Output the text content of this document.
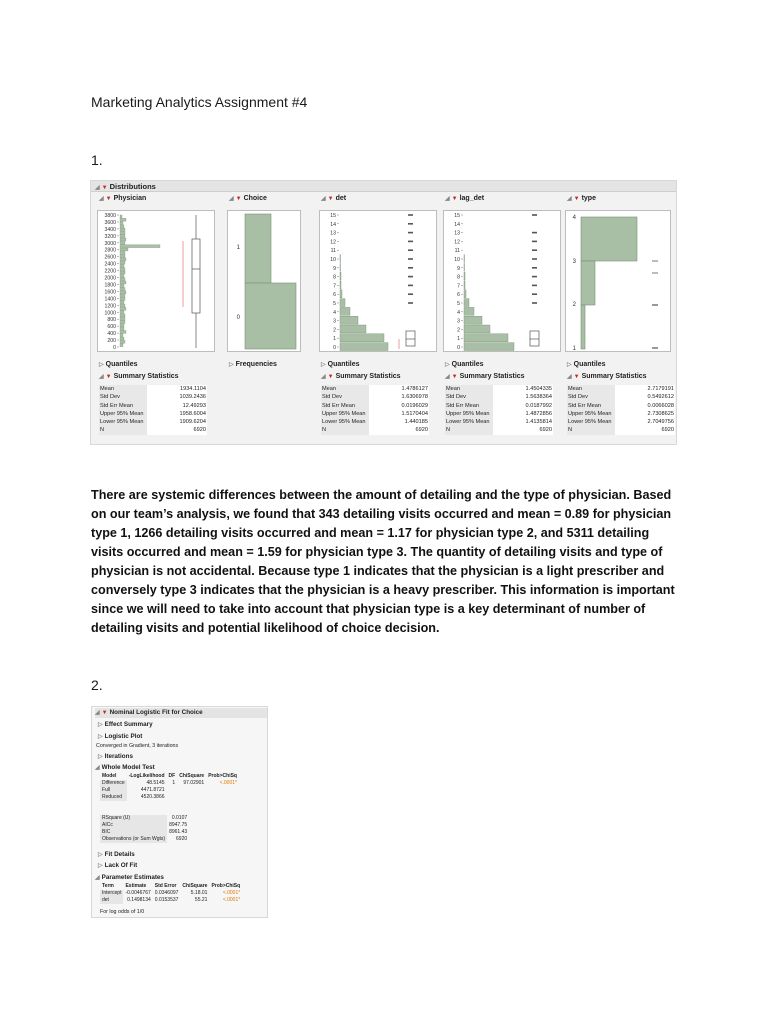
Marketing Analytics Assignment #4
1.
◢ ▼ Distributions
◢ ▼ Physician
3800
3600
3400
3200
3000
2800
2600
2400
2200
2000
1800
1600
1400
1200
1000
800
600
400
200
0
▷ Quantiles
◢ ▼ Summary Statistics
Mean	1934.1104
Std Dev	1039.2436
Std Err Mean	12.49293
Upper 95% Mean	1958.6004
Lower 95% Mean	1909.6204
N	6920
◢ ▼ Choice
1
0
▷ Frequencies
◢ ▼ det
15
14
13
12
11
10
9
8
7
6
5
4
3
2
1
0
▷ Quantiles
◢ ▼ Summary Statistics
Mean	1.4786127
Std Dev	1.6306978
Std Err Mean	0.0196029
Upper 95% Mean	1.5170404
Lower 95% Mean	1.440185
N	6920
◢ ▼ lag_det
15
14
13
12
11
10
9
8
7
6
5
4
3
2
1
0
▷ Quantiles
◢ ▼ Summary Statistics
Mean	1.4504335
Std Dev	1.5638364
Std Err Mean	0.0187992
Upper 95% Mean	1.4872856
Lower 95% Mean	1.4135814
N	6920
◢ ▼ type
4
3
2
1
▷ Quantiles
◢ ▼ Summary Statistics
Mean	2.7179191
Std Dev	0.5492612
Std Err Mean	0.0066028
Upper 95% Mean	2.7308625
Lower 95% Mean	2.7049756
N	6920
There are systemic differences between the amount of detailing and the type of physician. Based on our team’s analysis, we found that 343 detailing visits occurred and mean = 0.89 for physician type 1, 1266 detailing visits occurred and mean = 1.17 for physician type 2, and 5311 detailing visits occurred and mean = 1.59 for physician type 3. The quantity of detailing visits and type of physician is not accidental. Because type 1 indicates that the physician is a light prescriber and conversely type 3 indicates that the physician is a heavy prescriber. This information is important since we will need to take into account that physician type is a key determinant of number of detailing visits and potential likelihood of choice decision.
2.
◢ ▼ Nominal Logistic Fit for Choice
▷ Effect Summary
▷ Logistic Plot
Converged in Gradient, 3 iterations
▷ Iterations
◢ Whole Model Test
Model	-LogLikelihood	DF	ChiSquare	Prob>ChiSq
Difference	48.5145	1	97.02901	<.0001*
Full	4471.8721			
Reduced	4520.3866			
RSquare (U)	0.0107
AICc	8947.75
BIC	8961.43
Observations (or Sum Wgts)	6920
▷ Fit Details
▷ Lack Of Fit
◢ Parameter Estimates
Term	Estimate	Std Error	ChiSquare	Prob>ChiSq
Intercept	-0.0046767	0.0346097	5.18.01	<.0001*
det	0.1498134	0.0153537	55.21	<.0001*
For log odds of 1/0
